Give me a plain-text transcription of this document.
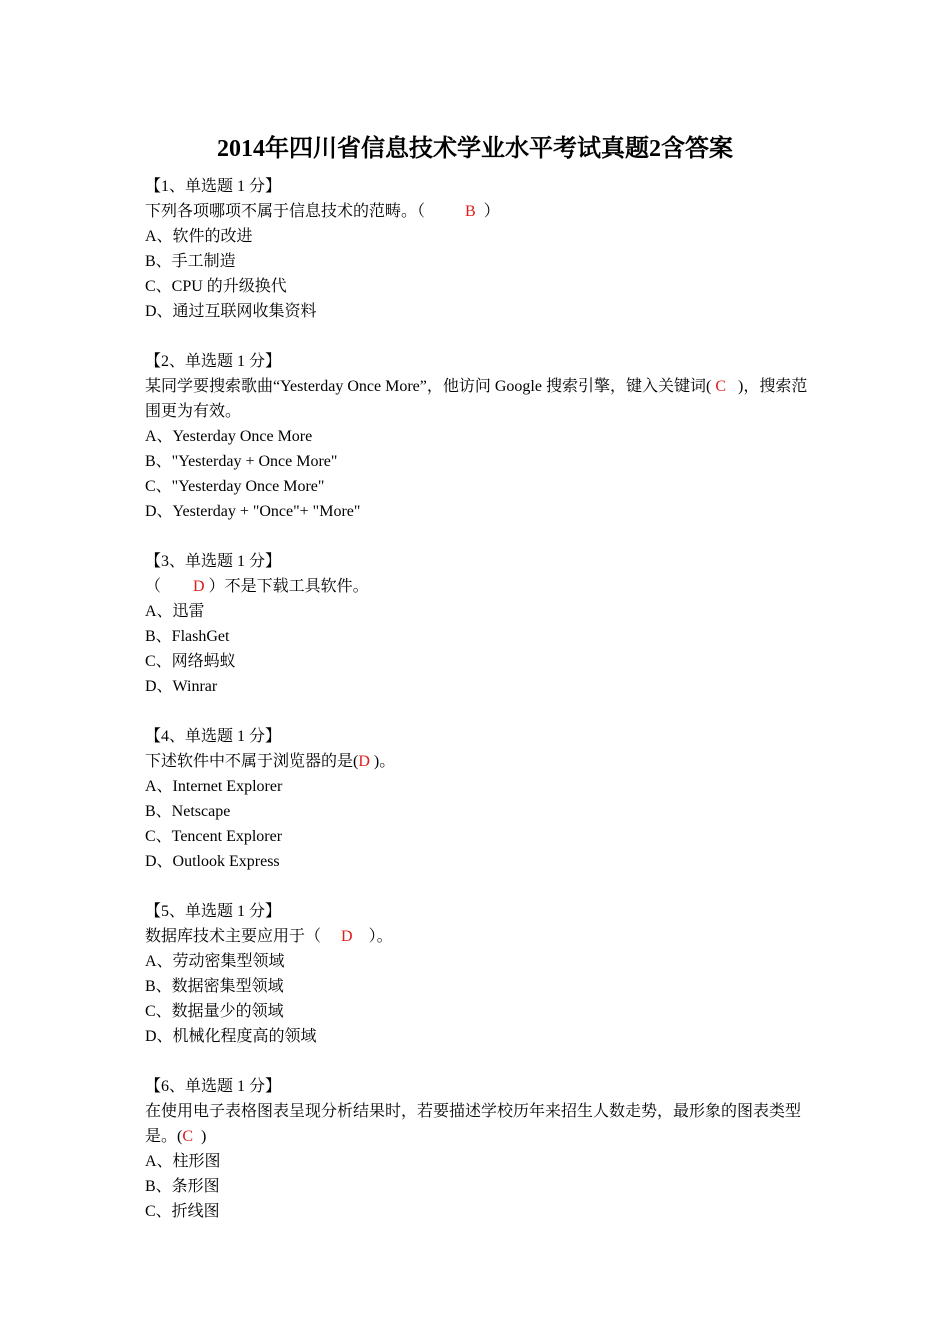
2014年四川省信息技术学业水平考试真题2含答案

【1、单选题 1 分】

下列各项哪项不属于信息技术的范畴。（	B ）

A、软件的改进

B、手工制造

C、CPU 的升级换代

D、通过互联网收集资料

【2、单选题 1 分】

某同学要搜索歌曲“Yesterday Once More”，他访问 Google 搜索引擎，键入关键词( C )，搜索范围更为有效。

A、Yesterday Once More

B、"Yesterday + Once More"

C、"Yesterday Once More"

D、Yesterday + "Once"+ "More"

【3、单选题 1 分】

（ D ）不是下载工具软件。

A、迅雷

B、FlashGet

C、网络蚂蚁

D、Winrar

【4、单选题 1 分】

下述软件中不属于浏览器的是(D )。

A、Internet Explorer

B、Netscape

C、Tencent Explorer

D、Outlook Express

【5、单选题 1 分】

数据库技术主要应用于（ D ）。

A、劳动密集型领域

B、数据密集型领域

C、数据量少的领域

D、机械化程度高的领域

【6、单选题 1 分】

在使用电子表格图表呈现分析结果时，若要描述学校历年来招生人数走势，最形象的图表类型是。(C )

A、柱形图

B、条形图

C、折线图
